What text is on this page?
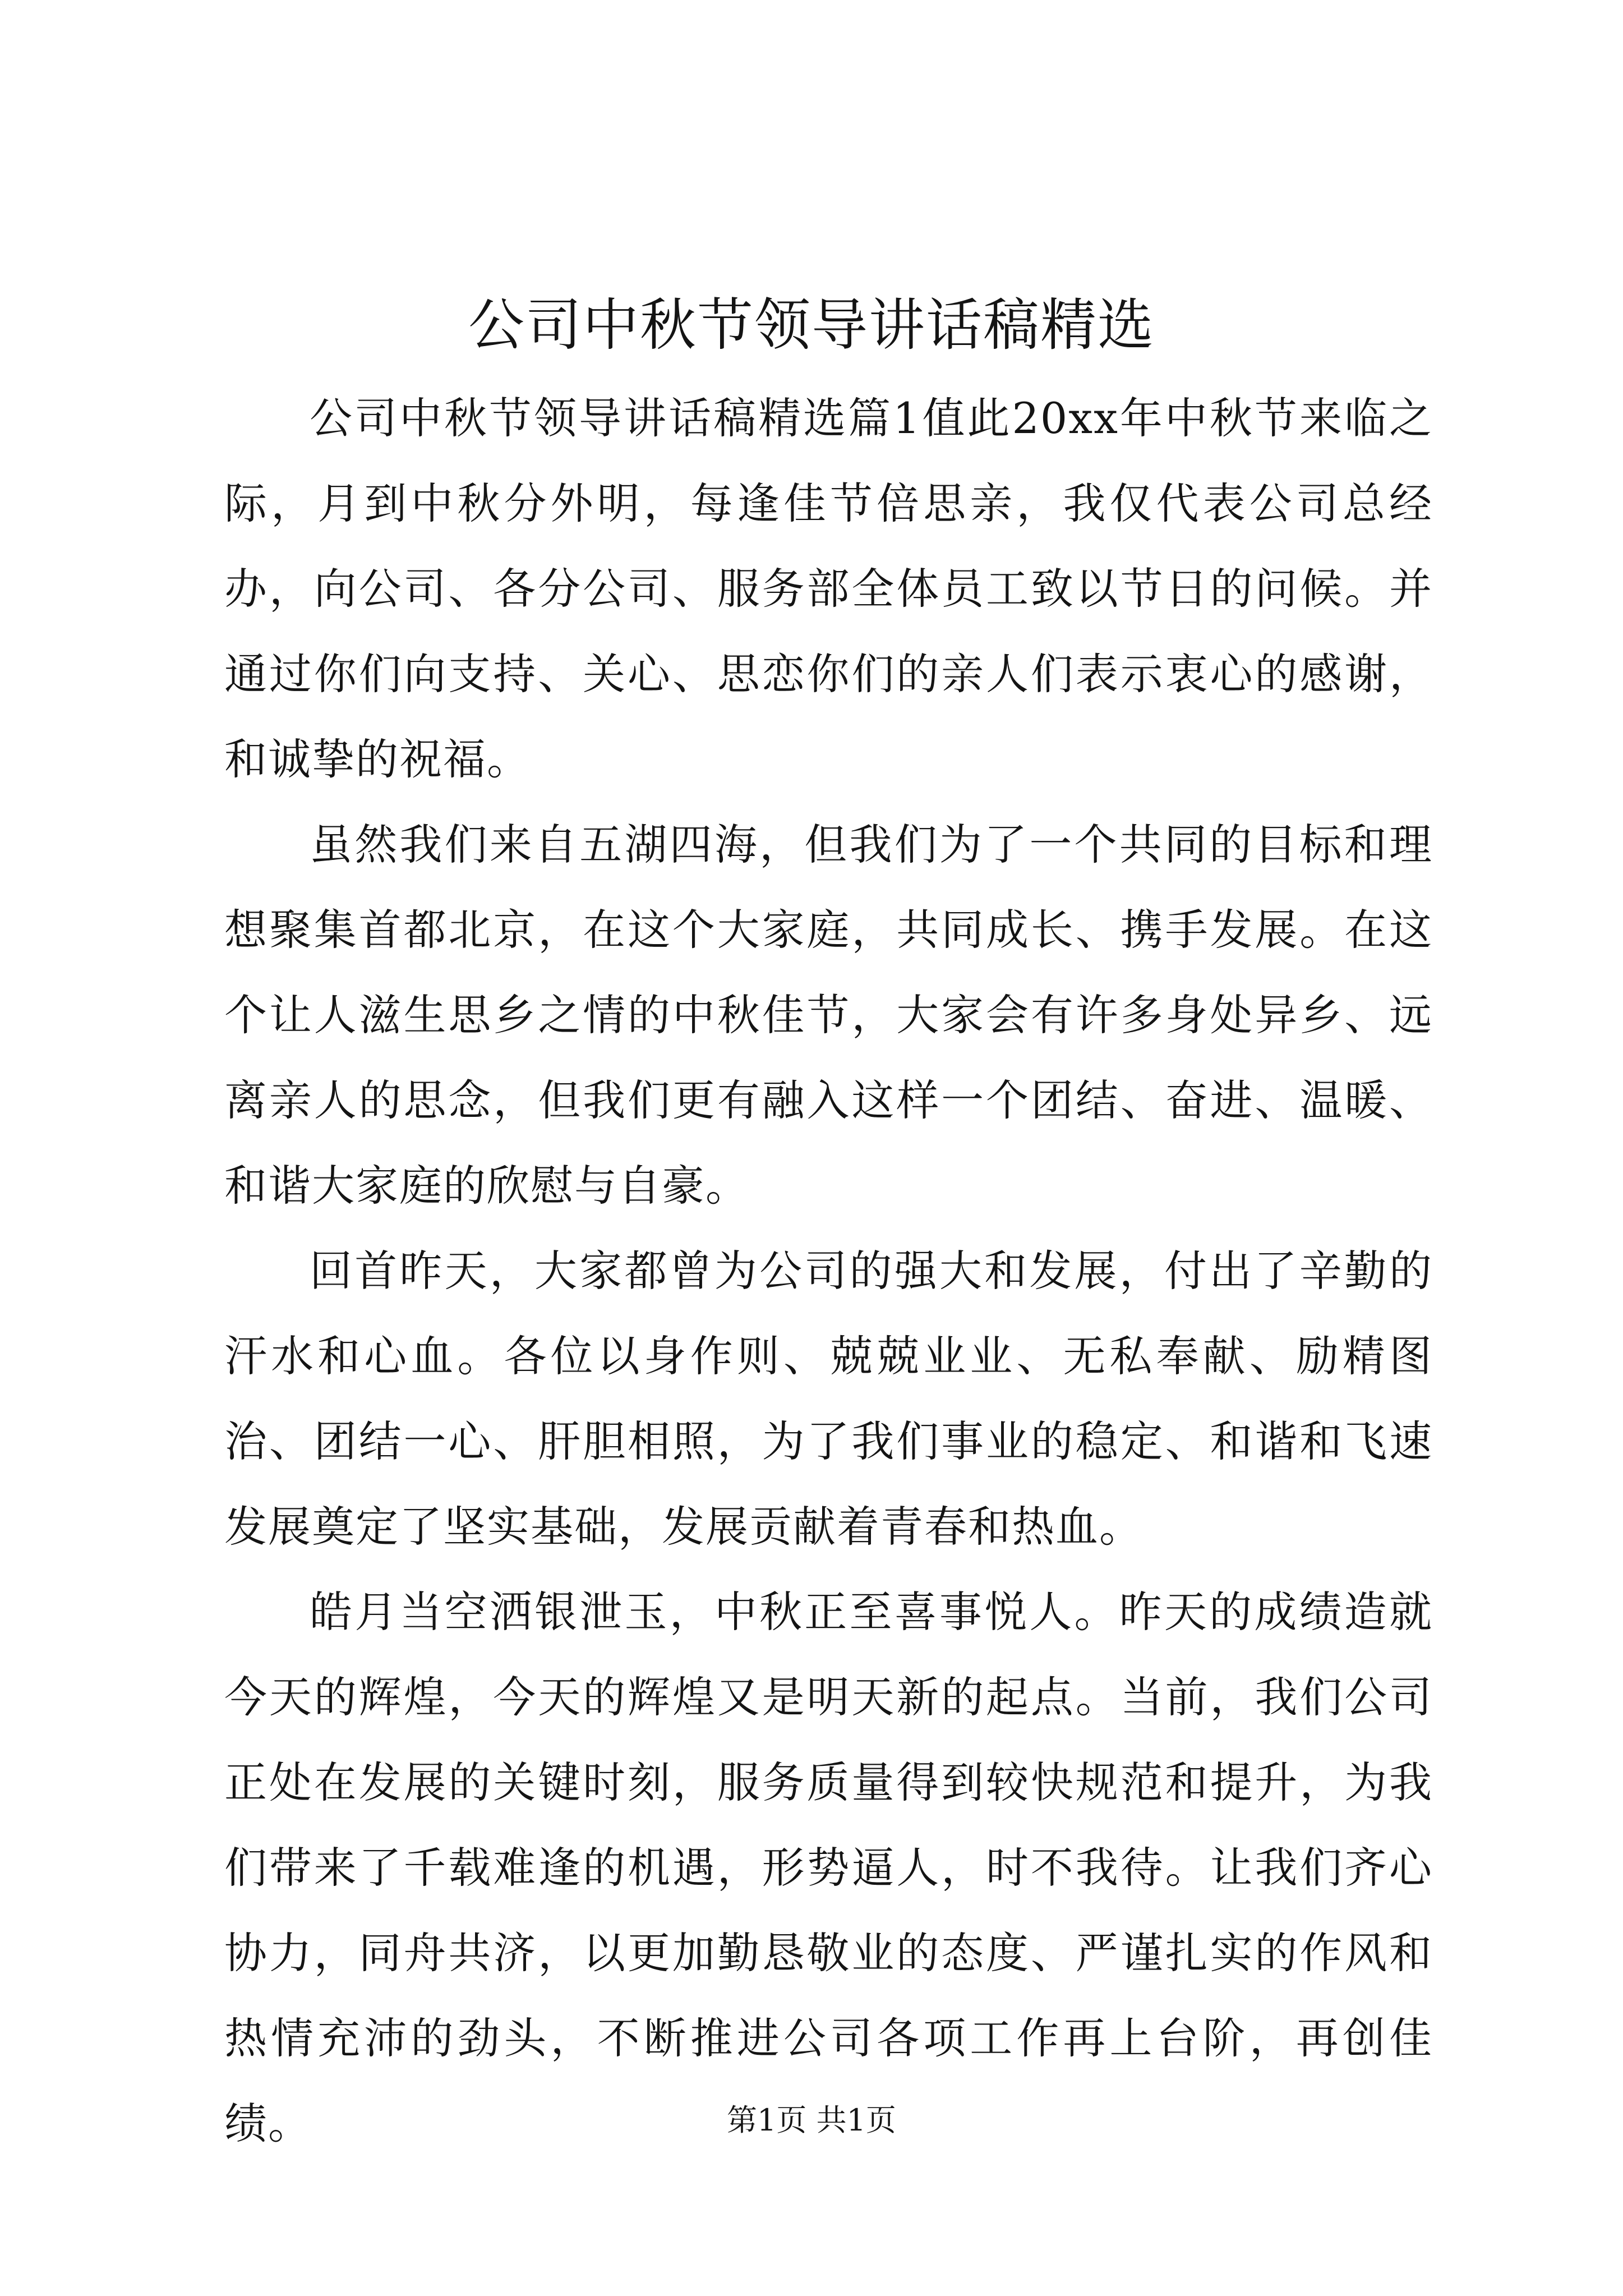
公司中秋节领导讲话稿精选

公司中秋节领导讲话稿精选篇1值此20xx年中秋节来临之际，月到中秋分外明，每逢佳节倍思亲，我仅代表公司总经办，向公司、各分公司、服务部全体员工致以节日的问候。并通过你们向支持、关心、思恋你们的亲人们表示衷心的感谢，和诚挚的祝福。

虽然我们来自五湖四海，但我们为了一个共同的目标和理想聚集首都北京，在这个大家庭，共同成长、携手发展。在这个让人滋生思乡之情的中秋佳节，大家会有许多身处异乡、远离亲人的思念，但我们更有融入这样一个团结、奋进、温暖、和谐大家庭的欣慰与自豪。

回首昨天，大家都曾为公司的强大和发展，付出了辛勤的汗水和心血。各位以身作则、兢兢业业、无私奉献、励精图治、团结一心、肝胆相照，为了我们事业的稳定、和谐和飞速发展奠定了坚实基础，发展贡献着青春和热血。

皓月当空洒银泄玉，中秋正至喜事悦人。昨天的成绩造就今天的辉煌，今天的辉煌又是明天新的起点。当前，我们公司正处在发展的关键时刻，服务质量得到较快规范和提升，为我们带来了千载难逢的机遇，形势逼人，时不我待。让我们齐心协力，同舟共济，以更加勤恳敬业的态度、严谨扎实的作风和热情充沛的劲头，不断推进公司各项工作再上台阶，再创佳绩。	第1页 共1页
